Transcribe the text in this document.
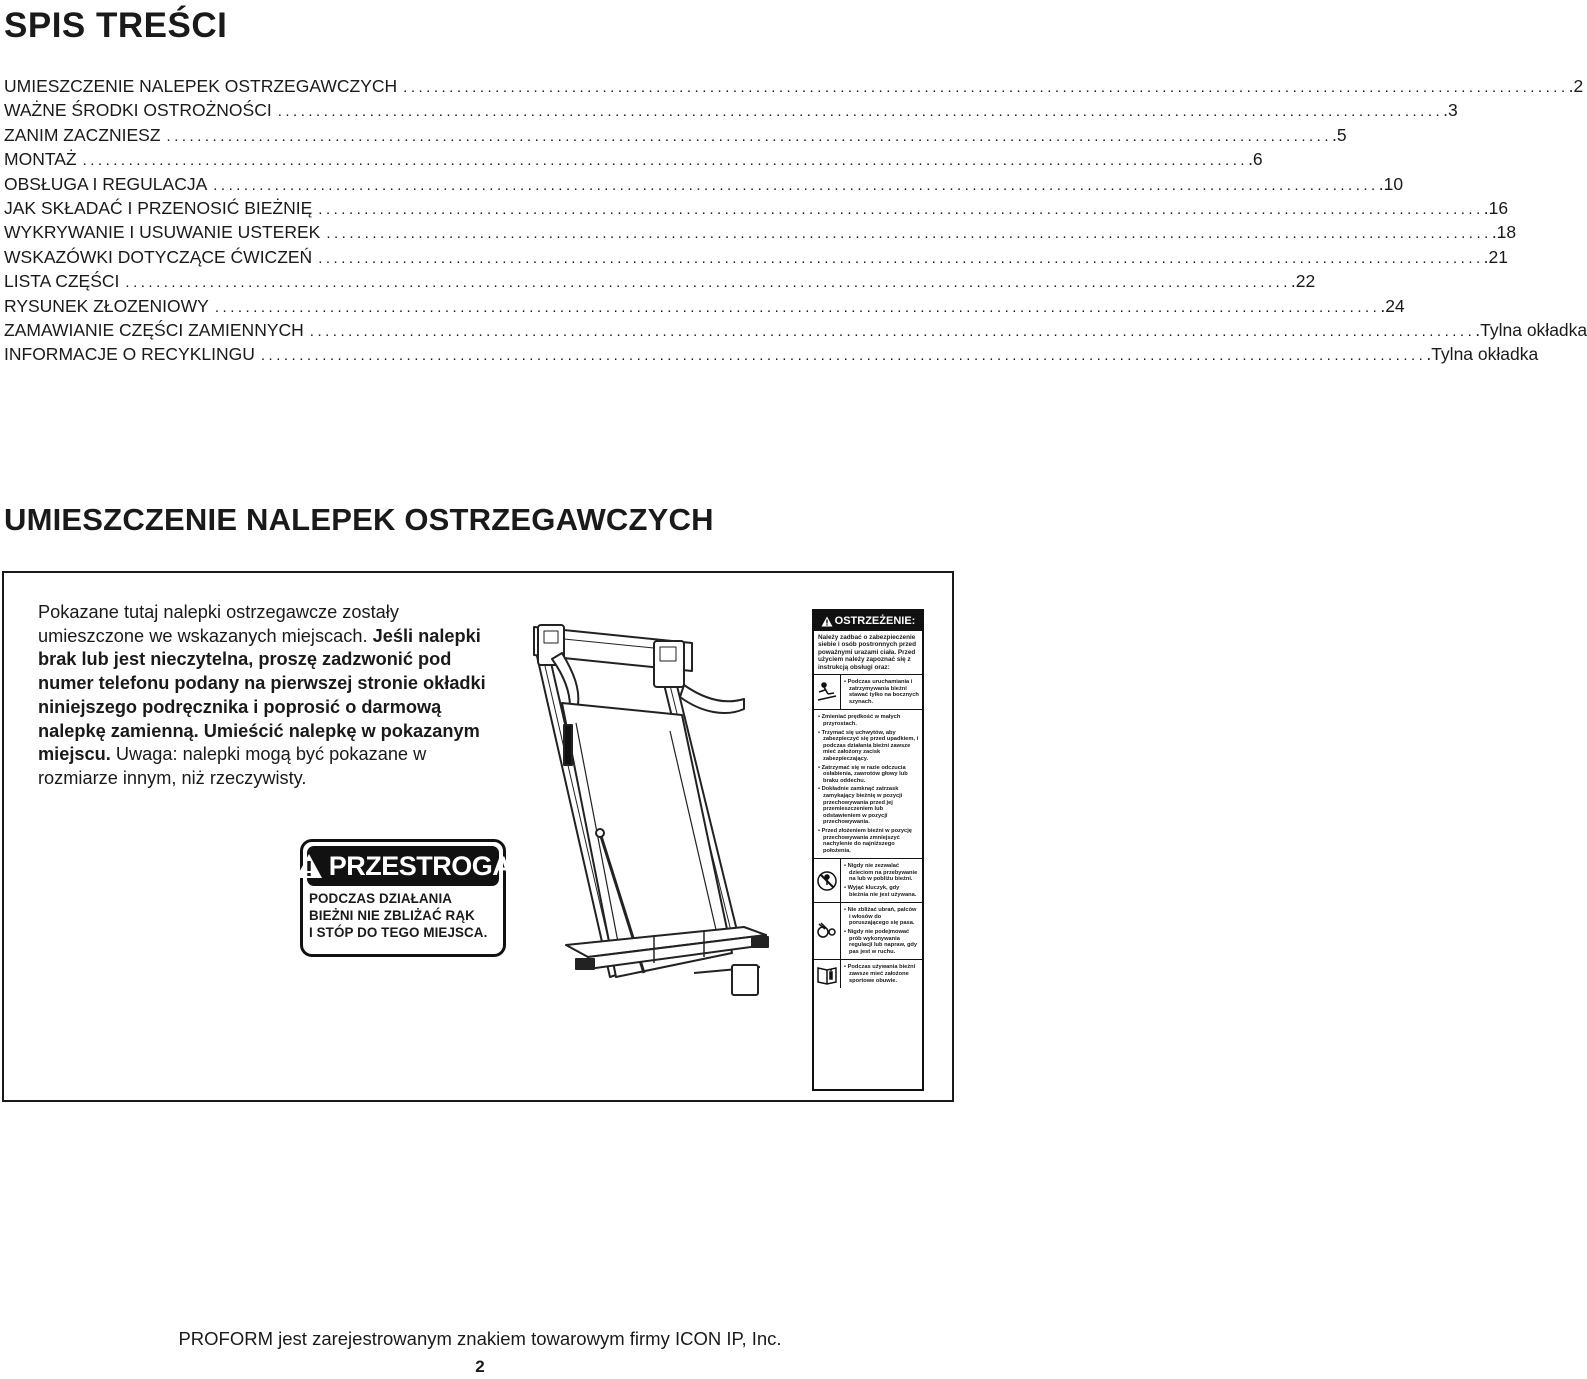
SPIS TREŚCI
UMIESZCZENIE NALEPEK OSTRZEGAWCZYCH ........................................................................................................................................................ .2
WAŻNE ŚRODKI OSTROŻNOŚCI ........................................................................................................................................................ .3
ZANIM ZACZNIESZ ........................................................................................................................................................ .5
MONTAŻ ........................................................................................................................................................ .6
OBSŁUGA I REGULACJA ........................................................................................................................................................ .10
JAK SKŁADAĆ I PRZENOSIĆ BIEŻNIĘ ........................................................................................................................................................ .16
WYKRYWANIE I USUWANIE USTEREK ........................................................................................................................................................ .18
WSKAZÓWKI DOTYCZĄCE ĆWICZEŃ ........................................................................................................................................................ .21
LISTA CZĘŚCI ........................................................................................................................................................ .22
RYSUNEK ZŁOZENIOWY ........................................................................................................................................................ .24
ZAMAWIANIE CZĘŚCI ZAMIENNYCH ........................................................................................................................................................ .Tylna okładka
INFORMACJE O RECYKLINGU ........................................................................................................................................................ .Tylna okładka
UMIESZCZENIE NALEPEK OSTRZEGAWCZYCH

Pokazane tutaj nalepki ostrzegawcze zostały umieszczone we wskazanych miejscach. Jeśli nalepki brak lub jest nieczytelna, proszę zadzwonić pod numer telefonu podany na pierwszej stronie okładki niniejszego podręcznika i poprosić o darmową nalepkę zamienną. Umieścić nalepkę w pokazanym miejscu. Uwaga: nalepki mogą być pokazane w rozmiarze innym, niż rzeczywisty.

PRZESTROGA
PODCZAS DZIAŁANIA
BIEŻNI NIE ZBLIŻAĆ RĄK
I STÓP DO TEGO MIEJSCA.
OSTRZEŻENIE:
Należy zadbać o zabezpieczenie siebie i osób postronnych przed poważnymi urazami ciała. Przed użyciem należy zapoznać się z instrukcją obsługi oraz:
• Podczas uruchamiania i zatrzymywania bieżni stawać tylko na bocznych szynach.
• Zmieniać prędkość w małych przyrostach.
• Trzymać się uchwytów, aby zabezpieczyć się przed upadkiem, i podczas działania bieżni zawsze mieć założony zacisk zabezpieczający.
• Zatrzymać się w razie odczucia osłabienia, zawrotów głowy lub braku oddechu.
• Dokładnie zamknąć zatrzask zamykający bieżnię w pozycji przechowywania przed jej przemieszczeniem lub odstawieniem w pozycji przechowywania.
• Przed złożeniem bieżni w pozycję przechowywania zmniejszyć nachylenie do najniższego położenia.
• Nigdy nie zezwalać dzieciom na przebywanie na lub w pobliżu bieżni.
• Wyjąć kluczyk, gdy bieżnia nie jest używana.
• Nie zbliżać ubrań, palców i włosów do poruszającego się pasa.
• Nigdy nie podejmować prób wykonywania regulacji lub napraw, gdy pas jest w ruchu.
• Podczas używania bieżni zawsze mieć założone sportowe obuwie.
PROFORM jest zarejestrowanym znakiem towarowym firmy ICON IP, Inc.
2
